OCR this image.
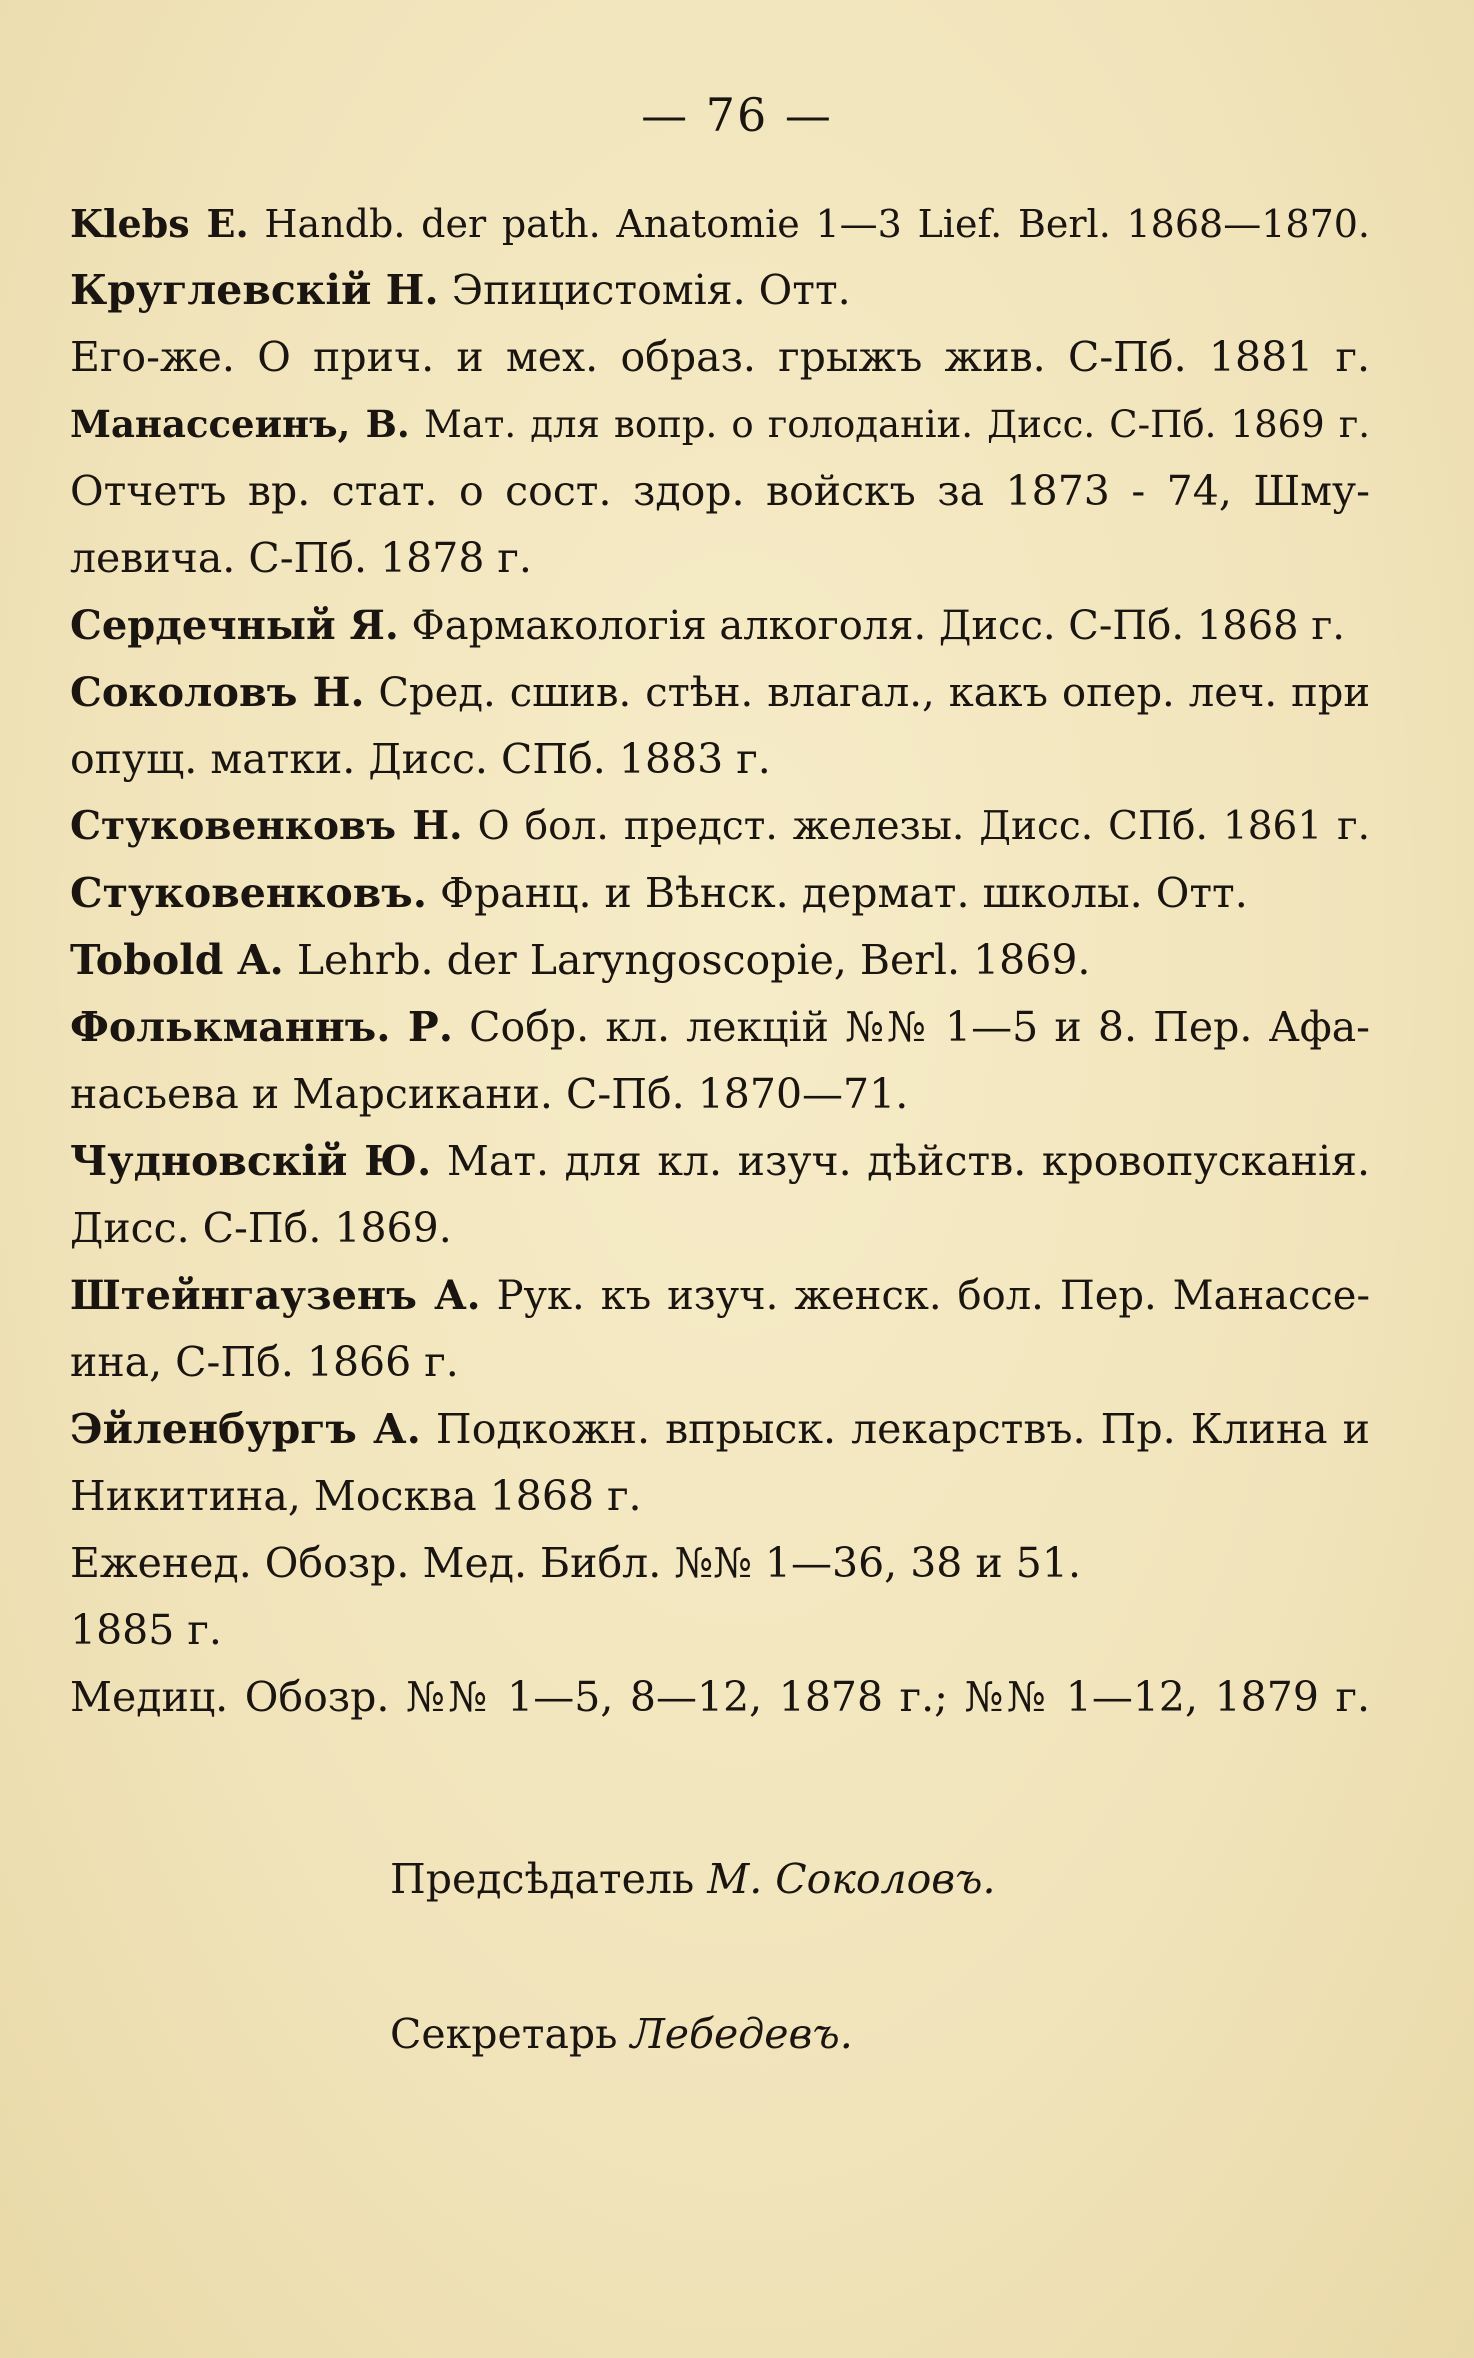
— 76 —
Klebs E. Handb. der path. Anatomie 1—3 Lief. Berl. 1868—1870.
Круглевскій Н. Эпицистомія. Отт.
Его-же. О прич. и мех. образ. грыжъ жив. С-Пб. 1881 г.
Манассеинъ, В. Мат. для вопр. о голоданіи. Дисс. С-Пб. 1869 г.
Отчетъ вр. стат. о сост. здор. войскъ за 1873 - 74, Шму-
левича. С-Пб. 1878 г.
Сердечный Я. Фармакологія алкоголя. Дисс. С-Пб. 1868 г.
Соколовъ Н. Сред. сшив. стѣн. влагал., какъ опер. леч. при
опущ. матки. Дисс. СПб. 1883 г.
Стуковенковъ Н. О бол. предст. железы. Дисс. СПб. 1861 г.
Стуковенковъ. Франц. и Вѣнск. дермат. школы. Отт.
Tobold A. Lehrb. der Laryngoscopie, Berl. 1869.
Фолькманнъ. Р. Собр. кл. лекцій №№ 1—5 и 8. Пер. Афа-
насьева и Марсикани. С-Пб. 1870—71.
Чудновскій Ю. Мат. для кл. изуч. дѣйств. кровопусканія.
Дисс. С-Пб. 1869.
Штейнгаузенъ А. Рук. къ изуч. женск. бол. Пер. Манассе-
ина, С-Пб. 1866 г.
Эйленбургъ А. Подкожн. впрыск. лекарствъ. Пр. Клина и
Никитина, Москва 1868 г.
Еженед. Обозр. Мед. Библ. №№ 1—36, 38 и 51.
1885 г.
Медиц. Обозр. №№ 1—5, 8—12, 1878 г.; №№ 1—12, 1879 г.
Предсѣдатель М. Соколовъ.
Секретарь Лебедевъ.
